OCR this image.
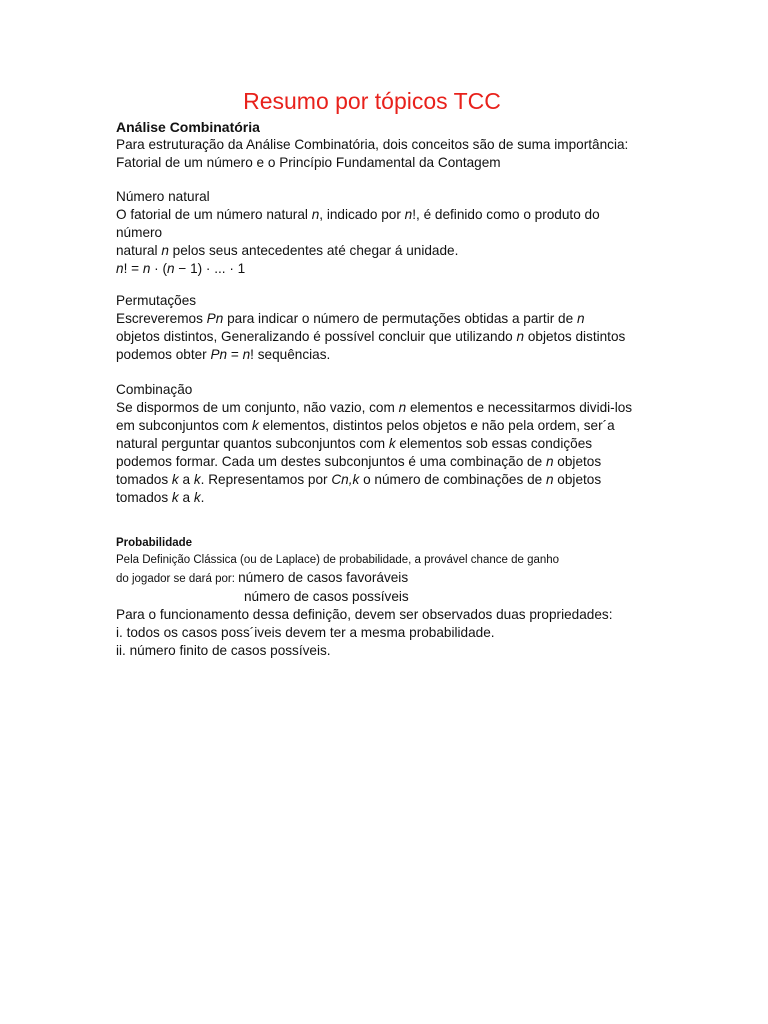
Resumo por tópicos TCC

Análise Combinatória

Para estruturação da Análise Combinatória, dois conceitos são de suma importância:

Fatorial de um número e o Princípio Fundamental da Contagem

Número natural

O fatorial de um número natural n, indicado por n!, é definido como o produto do

número

natural n pelos seus antecedentes até chegar á unidade.

n! = n · (n − 1) · ... · 1

Permutações

Escreveremos Pn para indicar o número de permutações obtidas a partir de n

objetos distintos, Generalizando é possível concluir que utilizando n objetos distintos

podemos obter Pn = n! sequências.

Combinação

Se dispormos de um conjunto, não vazio, com n elementos e necessitarmos dividi-los

em subconjuntos com k elementos, distintos pelos objetos e não pela ordem, ser´a

natural perguntar quantos subconjuntos com k elementos sob essas condições

podemos formar. Cada um destes subconjuntos é uma combinação de n objetos

tomados k a k. Representamos por Cn,k o número de combinações de n objetos

tomados k a k.

Probabilidade

Pela Definição Clássica (ou de Laplace) de probabilidade, a provável chance de ganho

do jogador se dará por: número de casos favoráveis

número de casos possíveis

Para o funcionamento dessa definição, devem ser observados duas propriedades:

i. todos os casos poss´iveis devem ter a mesma probabilidade.

ii. número finito de casos possíveis.
